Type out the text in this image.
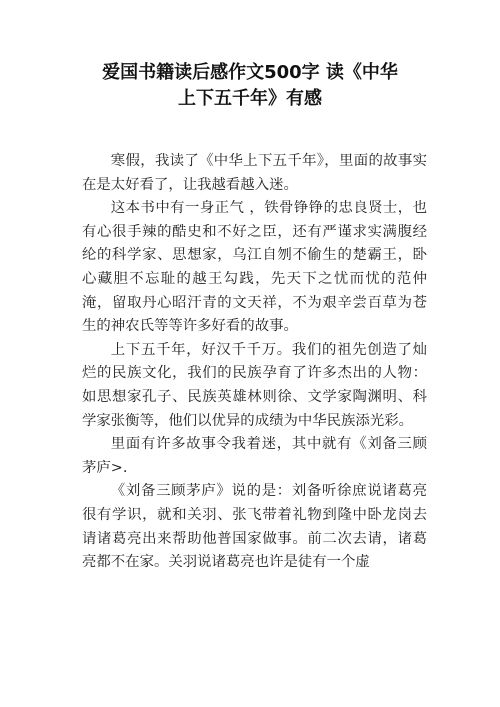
爱国书籍读后感作文500字 读《中华
上下五千年》有感

寒假，我读了《中华上下五千年》，里面的故事实在是太好看了，让我越看越入迷。

这本书中有一身正气 ，铁骨铮铮的忠良贤士，也有心很手辣的酷史和不好之臣，还有严谨求实满腹经纶的科学家、思想家，乌江自刎不偷生的楚霸王，卧心藏胆不忘耻的越王勾践，先天下之忧而忧的范仲淹，留取丹心昭汗青的文天祥，不为艰辛尝百草为苍生的神农氏等等许多好看的故事。

上下五千年，好汉千千万。我们的祖先创造了灿烂的民族文化，我们的民族孕育了许多杰出的人物：如思想家孔子、民族英雄林则徐、文学家陶渊明、科学家张衡等，他们以优异的成绩为中华民族添光彩。

里面有许多故事令我着迷，其中就有《刘备三顾茅庐>.

《刘备三顾茅庐》说的是：刘备听徐庶说诸葛亮很有学识，就和关羽、张飞带着礼物到隆中卧龙岗去请诸葛亮出来帮助他普国家做事。前二次去请，诸葛亮都不在家。关羽说诸葛亮也许是徒有一个虚
